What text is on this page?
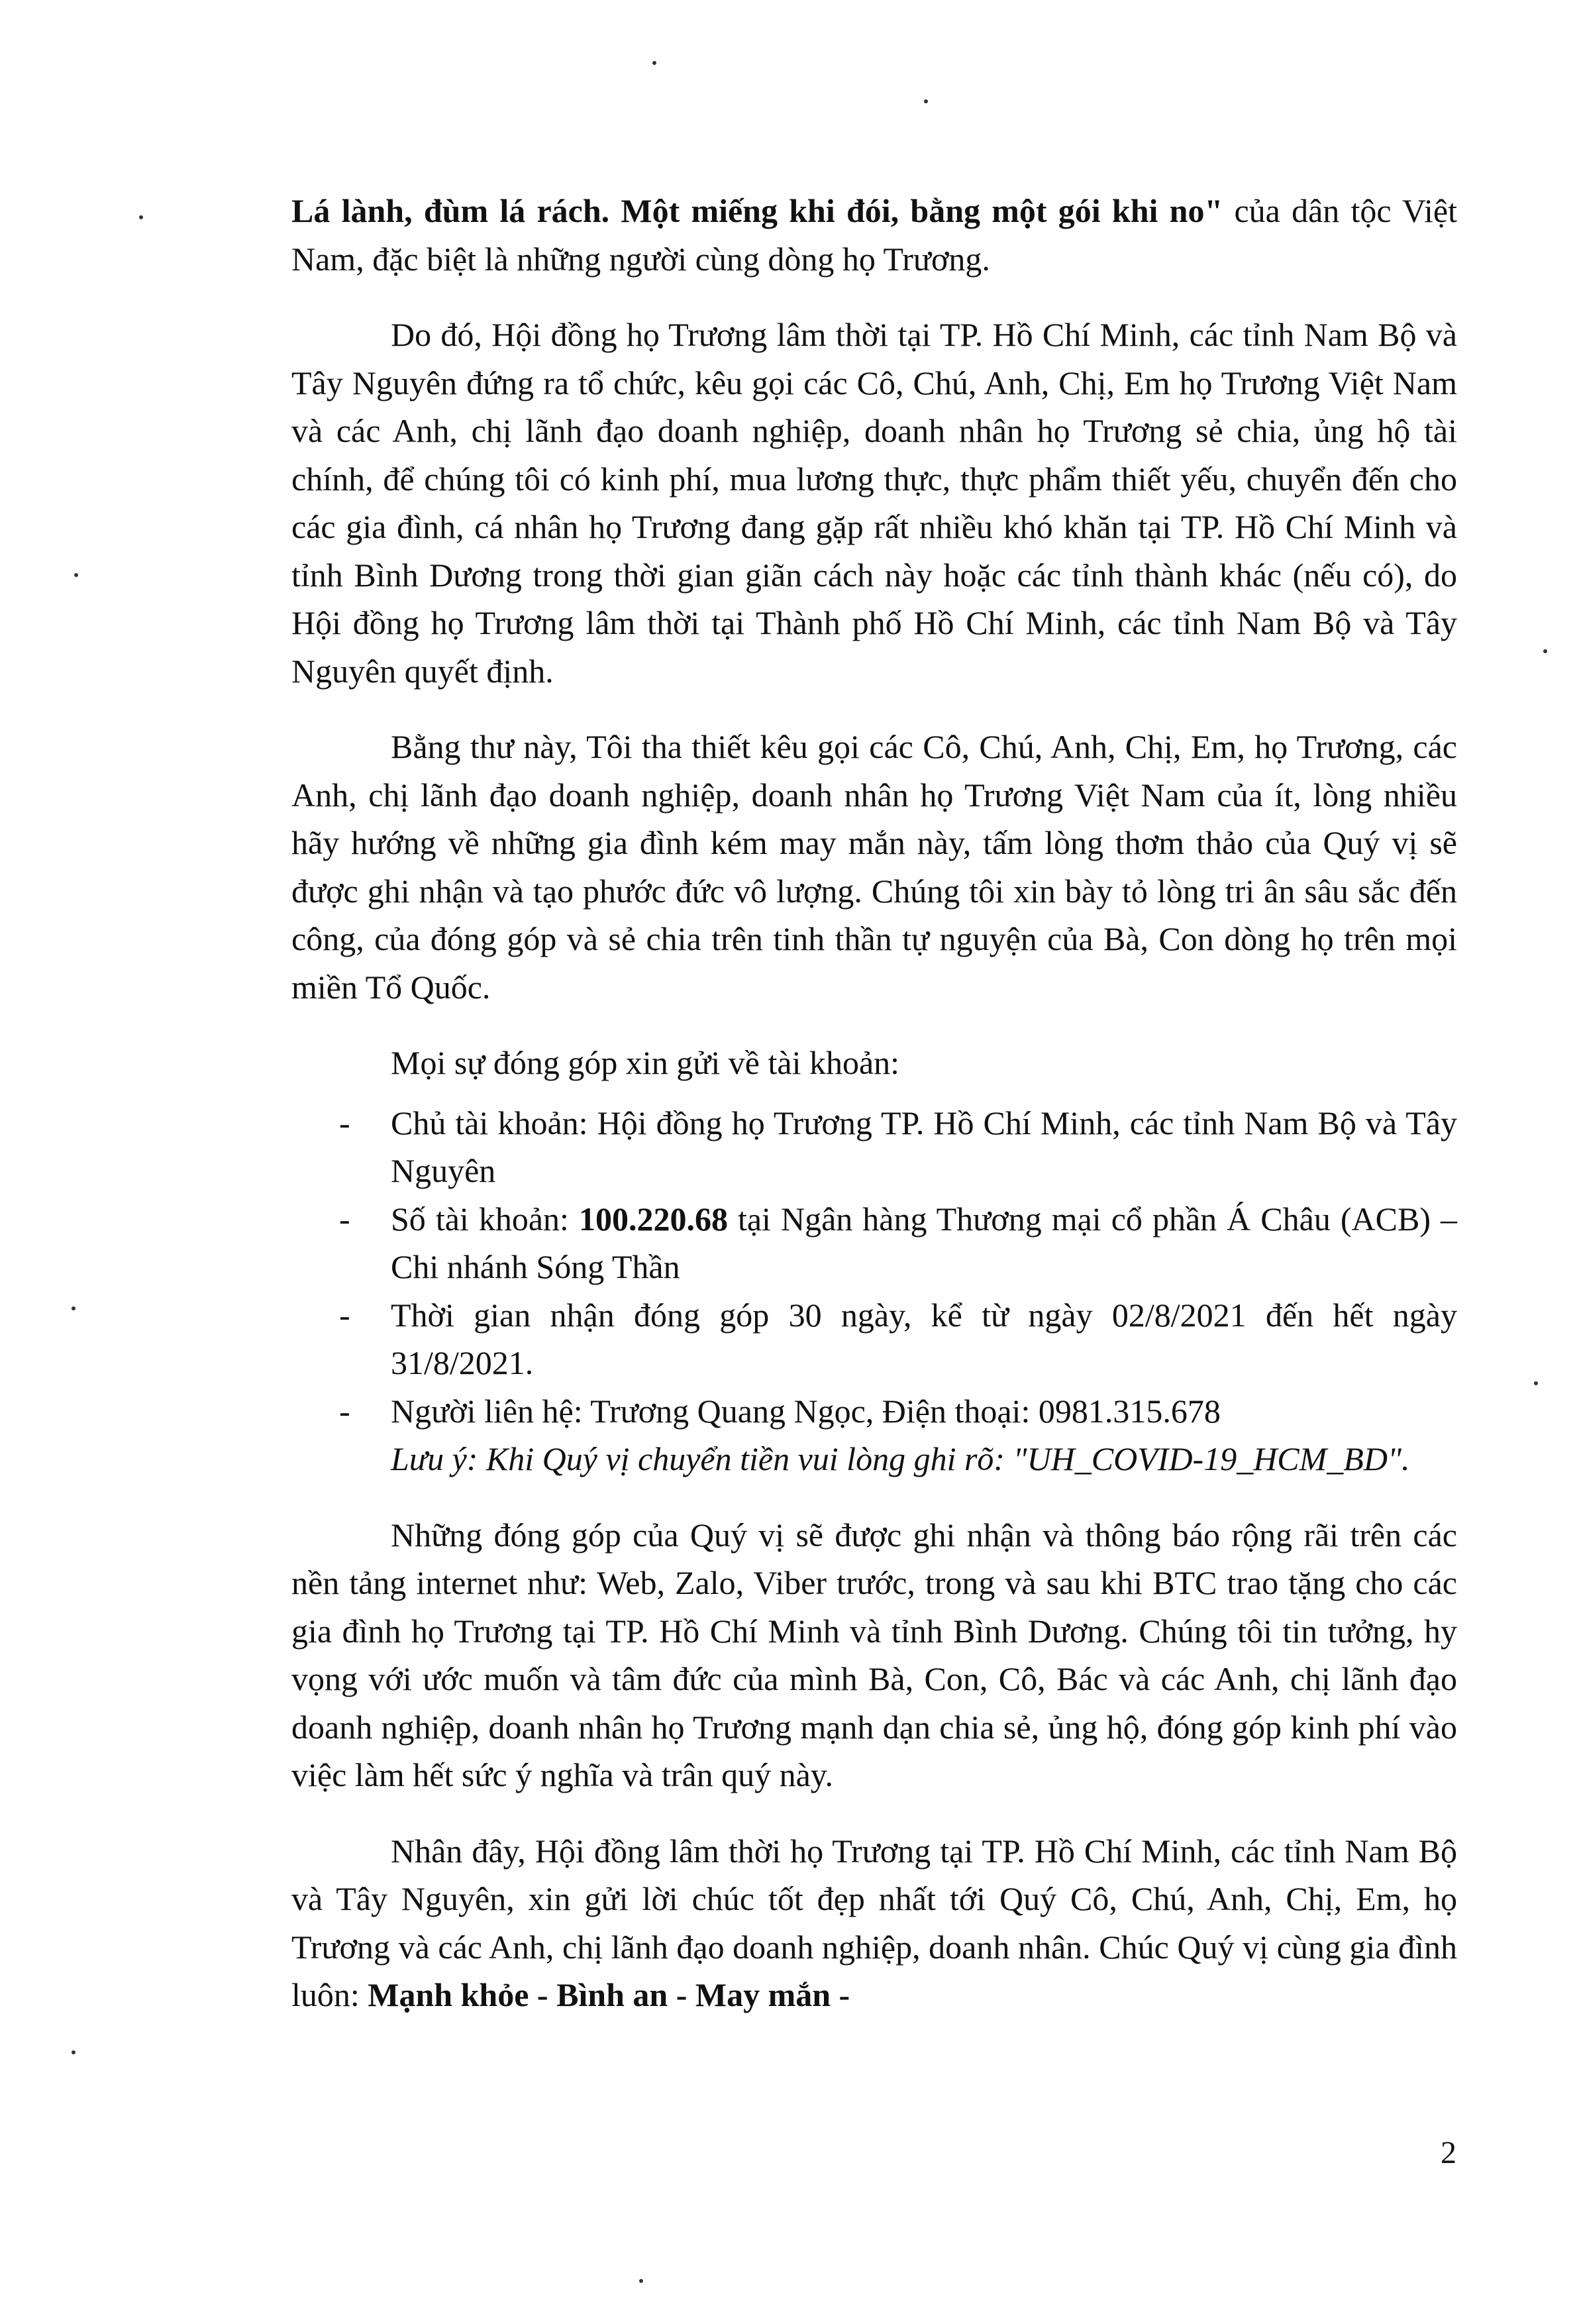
Lá lành, đùm lá rách. Một miếng khi đói, bằng một gói khi no" của dân tộc Việt Nam, đặc biệt là những người cùng dòng họ Trương.

Do đó, Hội đồng họ Trương lâm thời tại TP. Hồ Chí Minh, các tỉnh Nam Bộ và Tây Nguyên đứng ra tổ chức, kêu gọi các Cô, Chú, Anh, Chị, Em họ Trương Việt Nam và các Anh, chị lãnh đạo doanh nghiệp, doanh nhân họ Trương sẻ chia, ủng hộ tài chính, để chúng tôi có kinh phí, mua lương thực, thực phẩm thiết yếu, chuyển đến cho các gia đình, cá nhân họ Trương đang gặp rất nhiều khó khăn tại TP. Hồ Chí Minh và tỉnh Bình Dương trong thời gian giãn cách này hoặc các tỉnh thành khác (nếu có), do Hội đồng họ Trương lâm thời tại Thành phố Hồ Chí Minh, các tỉnh Nam Bộ và Tây Nguyên quyết định.

Bằng thư này, Tôi tha thiết kêu gọi các Cô, Chú, Anh, Chị, Em, họ Trương, các Anh, chị lãnh đạo doanh nghiệp, doanh nhân họ Trương Việt Nam của ít, lòng nhiều hãy hướng về những gia đình kém may mắn này, tấm lòng thơm thảo của Quý vị sẽ được ghi nhận và tạo phước đức vô lượng. Chúng tôi xin bày tỏ lòng tri ân sâu sắc đến công, của đóng góp và sẻ chia trên tinh thần tự nguyện của Bà, Con dòng họ trên mọi miền Tổ Quốc.

Mọi sự đóng góp xin gửi về tài khoản:

- Chủ tài khoản: Hội đồng họ Trương TP. Hồ Chí Minh, các tỉnh Nam Bộ và Tây Nguyên
- Số tài khoản: 100.220.68 tại Ngân hàng Thương mại cổ phần Á Châu (ACB) – Chi nhánh Sóng Thần
- Thời gian nhận đóng góp 30 ngày, kể từ ngày 02/8/2021 đến hết ngày 31/8/2021.
- Người liên hệ: Trương Quang Ngọc, Điện thoại: 0981.315.678

Lưu ý: Khi Quý vị chuyển tiền vui lòng ghi rõ: "UH_COVID-19_HCM_BD".

Những đóng góp của Quý vị sẽ được ghi nhận và thông báo rộng rãi trên các nền tảng internet như: Web, Zalo, Viber trước, trong và sau khi BTC trao tặng cho các gia đình họ Trương tại TP. Hồ Chí Minh và tỉnh Bình Dương. Chúng tôi tin tưởng, hy vọng với ước muốn và tâm đức của mình Bà, Con, Cô, Bác và các Anh, chị lãnh đạo doanh nghiệp, doanh nhân họ Trương mạnh dạn chia sẻ, ủng hộ, đóng góp kinh phí vào việc làm hết sức ý nghĩa và trân quý này.

Nhân đây, Hội đồng lâm thời họ Trương tại TP. Hồ Chí Minh, các tỉnh Nam Bộ và Tây Nguyên, xin gửi lời chúc tốt đẹp nhất tới Quý Cô, Chú, Anh, Chị, Em, họ Trương và các Anh, chị lãnh đạo doanh nghiệp, doanh nhân. Chúc Quý vị cùng gia đình luôn: Mạnh khỏe - Bình an - May mắn -

2
